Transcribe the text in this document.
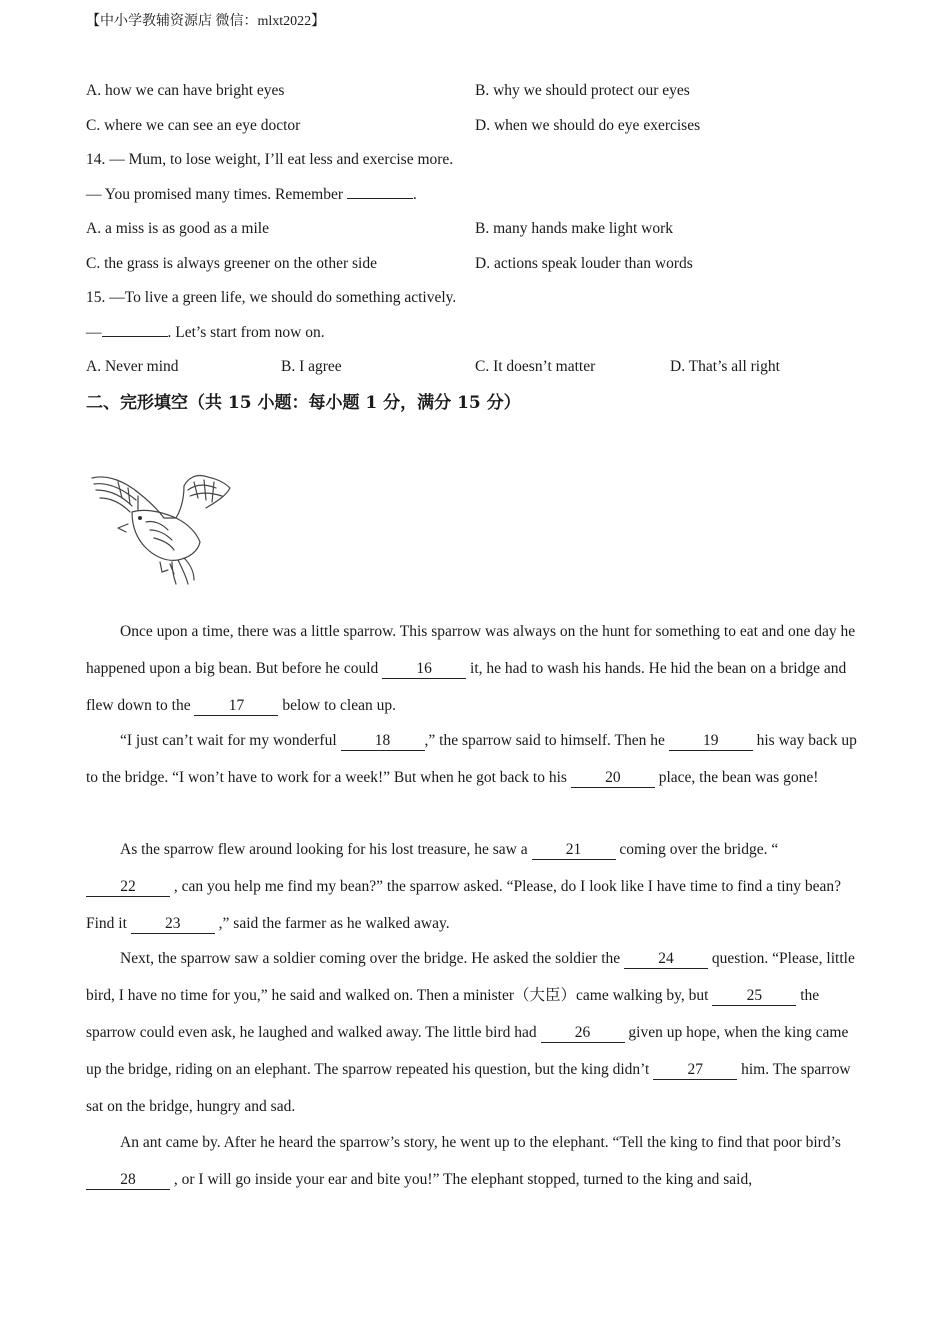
【中小学教辅资源店 微信：mlxt2022】
A. how we can have bright eyes	B. why we should protect our eyes
C. where we can see an eye doctor	D. when we should do eye exercises
14. — Mum, to lose weight, I’ll eat less and exercise more.
— You promised many times. Remember	.
A. a miss is as good as a mile	B. many hands make light work
C. the grass is always greener on the other side	D. actions speak louder than words
15. —To live a green life, we should do something actively.
—	. Let’s start from now on.
A. Never mind	B. I agree	C. It doesn’t matter	D. That’s all right
二、完形填空（共 15 小题：每小题 1 分，满分 15 分）
Once upon a time, there was a little sparrow. This sparrow was always on the hunt for something to eat and one day he happened upon a big bean. But before he could 16 it, he had to wash his hands. He hid the bean on a bridge and flew down to the 17 below to clean up.
“I just can’t wait for my wonderful 18 ,” the sparrow said to himself. Then he 19 his way back up to the bridge. “I won’t have to work for a week!” But when he got back to his 20 place, the bean was gone!
As the sparrow flew around looking for his lost treasure, he saw a 21 coming over the bridge. “22 , can you help me find my bean?” the sparrow asked. “Please, do I look like I have time to find a tiny bean? Find it 23 ,” said the farmer as he walked away.
Next, the sparrow saw a soldier coming over the bridge. He asked the soldier the 24 question. “Please, little bird, I have no time for you,” he said and walked on. Then a minister（大臣）came walking by, but 25 the sparrow could even ask, he laughed and walked away. The little bird had 26 given up hope, when the king came up the bridge, riding on an elephant. The sparrow repeated his question, but the king didn’t 27 him. The sparrow sat on the bridge, hungry and sad.
An ant came by. After he heard the sparrow’s story, he went up to the elephant. “Tell the king to find that poor bird’s 28 , or I will go inside your ear and bite you!” The elephant stopped, turned to the king and said,
